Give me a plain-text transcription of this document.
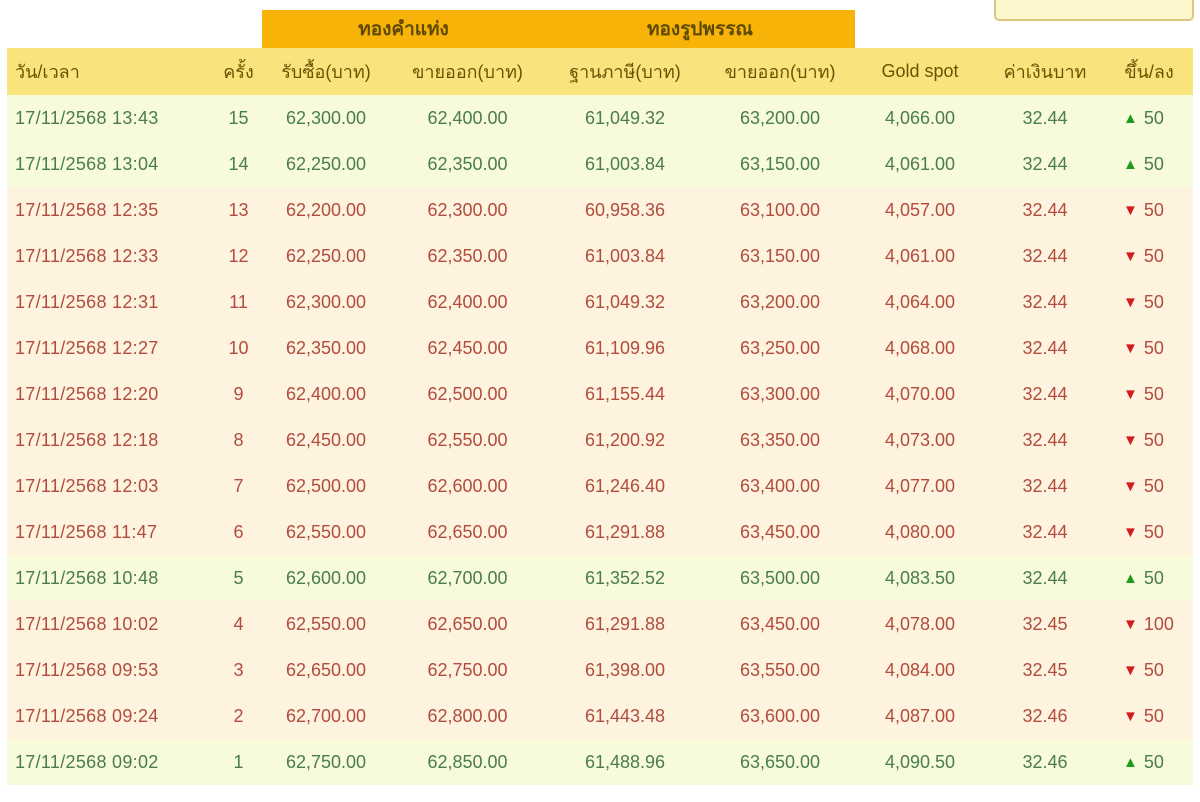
		ทองคำแท่ง		ทองรูปพรรณ				
วัน/เวลา	ครั้ง	รับซื้อ(บาท)	ขายออก(บาท)	ฐานภาษี(บาท)	ขายออก(บาท)	Gold spot	ค่าเงินบาท	ขึ้น/ลง
17/11/2568 13:43	15	62,300.00	62,400.00	61,049.32	63,200.00	4,066.00	32.44	▲ 50
17/11/2568 13:04	14	62,250.00	62,350.00	61,003.84	63,150.00	4,061.00	32.44	▲ 50
17/11/2568 12:35	13	62,200.00	62,300.00	60,958.36	63,100.00	4,057.00	32.44	▼ 50
17/11/2568 12:33	12	62,250.00	62,350.00	61,003.84	63,150.00	4,061.00	32.44	▼ 50
17/11/2568 12:31	11	62,300.00	62,400.00	61,049.32	63,200.00	4,064.00	32.44	▼ 50
17/11/2568 12:27	10	62,350.00	62,450.00	61,109.96	63,250.00	4,068.00	32.44	▼ 50
17/11/2568 12:20	9	62,400.00	62,500.00	61,155.44	63,300.00	4,070.00	32.44	▼ 50
17/11/2568 12:18	8	62,450.00	62,550.00	61,200.92	63,350.00	4,073.00	32.44	▼ 50
17/11/2568 12:03	7	62,500.00	62,600.00	61,246.40	63,400.00	4,077.00	32.44	▼ 50
17/11/2568 11:47	6	62,550.00	62,650.00	61,291.88	63,450.00	4,080.00	32.44	▼ 50
17/11/2568 10:48	5	62,600.00	62,700.00	61,352.52	63,500.00	4,083.50	32.44	▲ 50
17/11/2568 10:02	4	62,550.00	62,650.00	61,291.88	63,450.00	4,078.00	32.45	▼ 100
17/11/2568 09:53	3	62,650.00	62,750.00	61,398.00	63,550.00	4,084.00	32.45	▼ 50
17/11/2568 09:24	2	62,700.00	62,800.00	61,443.48	63,600.00	4,087.00	32.46	▼ 50
17/11/2568 09:02	1	62,750.00	62,850.00	61,488.96	63,650.00	4,090.50	32.46	▲ 50
